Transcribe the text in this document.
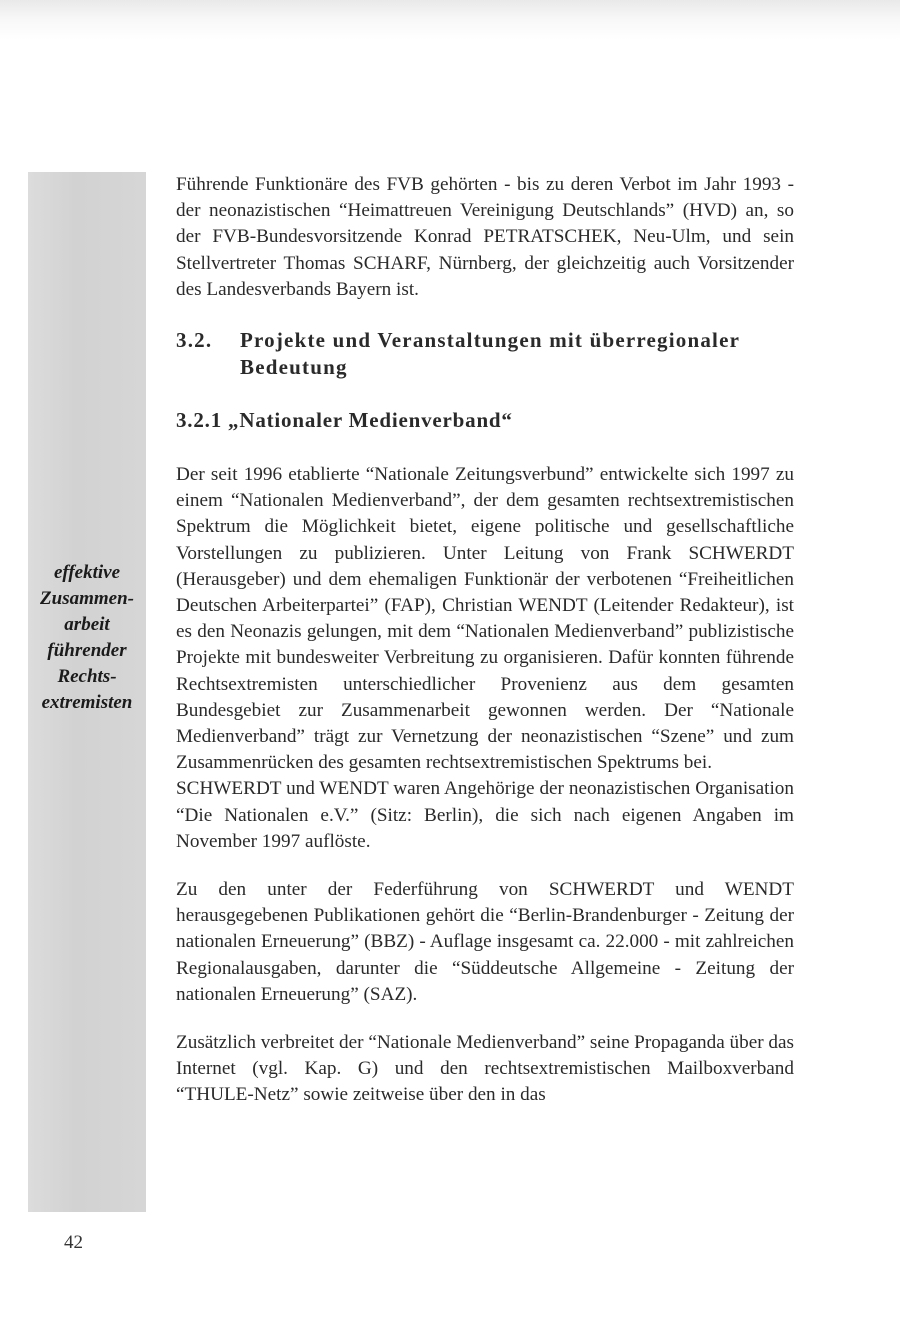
effektive
Zusammen-
arbeit
führender
Rechts-
extremisten

Führende Funktionäre des FVB gehörten - bis zu deren Verbot im Jahr 1993 - der neonazistischen “Heimattreuen Vereinigung Deutschlands” (HVD) an, so der FVB-Bundesvorsitzende Konrad PETRATSCHEK, Neu-Ulm, und sein Stellvertreter Thomas SCHARF, Nürnberg, der gleichzeitig auch Vorsitzender des Landesverbands Bayern ist.

3.2.	Projekte und Veranstaltungen mit überregionaler Bedeutung
3.2.1 „Nationaler Medienverband“

Der seit 1996 etablierte “Nationale Zeitungsverbund” entwickelte sich 1997 zu einem “Nationalen Medienverband”, der dem gesamten rechtsextremistischen Spektrum die Möglichkeit bietet, eigene politische und gesellschaftliche Vorstellungen zu publizieren. Unter Leitung von Frank SCHWERDT (Herausgeber) und dem ehemaligen Funktionär der verbotenen “Freiheitlichen Deutschen Arbeiterpartei” (FAP), Christian WENDT (Leitender Redakteur), ist es den Neonazis gelungen, mit dem “Nationalen Medienverband” publizistische Projekte mit bundesweiter Verbreitung zu organisieren. Dafür konnten führende Rechtsextremisten unterschiedlicher Provenienz aus dem gesamten Bundesgebiet zur Zusammenarbeit gewonnen werden. Der “Nationale Medienverband” trägt zur Vernetzung der neonazistischen “Szene” und zum Zusammenrücken des gesamten rechtsextremistischen Spektrums bei.

SCHWERDT und WENDT waren Angehörige der neonazistischen Organisation “Die Nationalen e.V.” (Sitz: Berlin), die sich nach eigenen Angaben im November 1997 auflöste.

Zu den unter der Federführung von SCHWERDT und WENDT herausgegebenen Publikationen gehört die “Berlin-Brandenburger - Zeitung der nationalen Erneuerung” (BBZ) - Auflage insgesamt ca. 22.000 - mit zahlreichen Regionalausgaben, darunter die “Süddeutsche Allgemeine - Zeitung der nationalen Erneuerung” (SAZ).

Zusätzlich verbreitet der “Nationale Medienverband” seine Propaganda über das Internet (vgl. Kap. G) und den rechtsextremistischen Mailboxverband “THULE-Netz” sowie zeitweise über den in das

42
